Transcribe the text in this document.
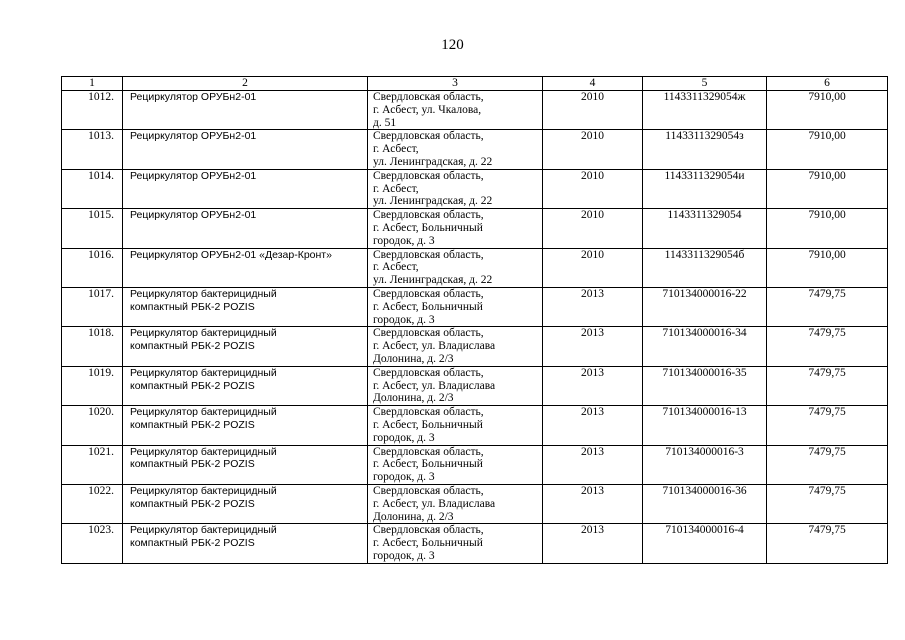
120
1	2	3	4	5	6
1012.	Рециркулятор ОРУБн2-01	Свердловская область,
г. Асбест, ул. Чкалова,
д. 51	2010	1143311329054ж	7910,00
1013.	Рециркулятор ОРУБн2-01	Свердловская область,
г. Асбест,
ул. Ленинградская, д. 22	2010	1143311329054з	7910,00
1014.	Рециркулятор ОРУБн2-01	Свердловская область,
г. Асбест,
ул. Ленинградская, д. 22	2010	1143311329054и	7910,00
1015.	Рециркулятор ОРУБн2-01	Свердловская область,
г. Асбест, Больничный
городок, д. 3	2010	1143311329054	7910,00
1016.	Рециркулятор ОРУБн2-01 «Дезар-Кронт»	Свердловская область,
г. Асбест,
ул. Ленинградская, д. 22	2010	1143311329054б	7910,00
1017.	Рециркулятор бактерицидный
компактный РБК-2 POZIS	Свердловская область,
г. Асбест, Больничный
городок, д. 3	2013	710134000016-22	7479,75
1018.	Рециркулятор бактерицидный
компактный РБК-2 POZIS	Свердловская область,
г. Асбест, ул. Владислава
Долонина, д. 2/3	2013	710134000016-34	7479,75
1019.	Рециркулятор бактерицидный
компактный РБК-2 POZIS	Свердловская область,
г. Асбест, ул. Владислава
Долонина, д. 2/3	2013	710134000016-35	7479,75
1020.	Рециркулятор бактерицидный
компактный РБК-2 POZIS	Свердловская область,
г. Асбест, Больничный
городок, д. 3	2013	710134000016-13	7479,75
1021.	Рециркулятор бактерицидный
компактный РБК-2 POZIS	Свердловская область,
г. Асбест, Больничный
городок, д. 3	2013	710134000016-3	7479,75
1022.	Рециркулятор бактерицидный
компактный РБК-2 POZIS	Свердловская область,
г. Асбест, ул. Владислава
Долонина, д. 2/3	2013	710134000016-36	7479,75
1023.	Рециркулятор бактерицидный
компактный РБК-2 POZIS	Свердловская область,
г. Асбест, Больничный
городок, д. 3	2013	710134000016-4	7479,75
